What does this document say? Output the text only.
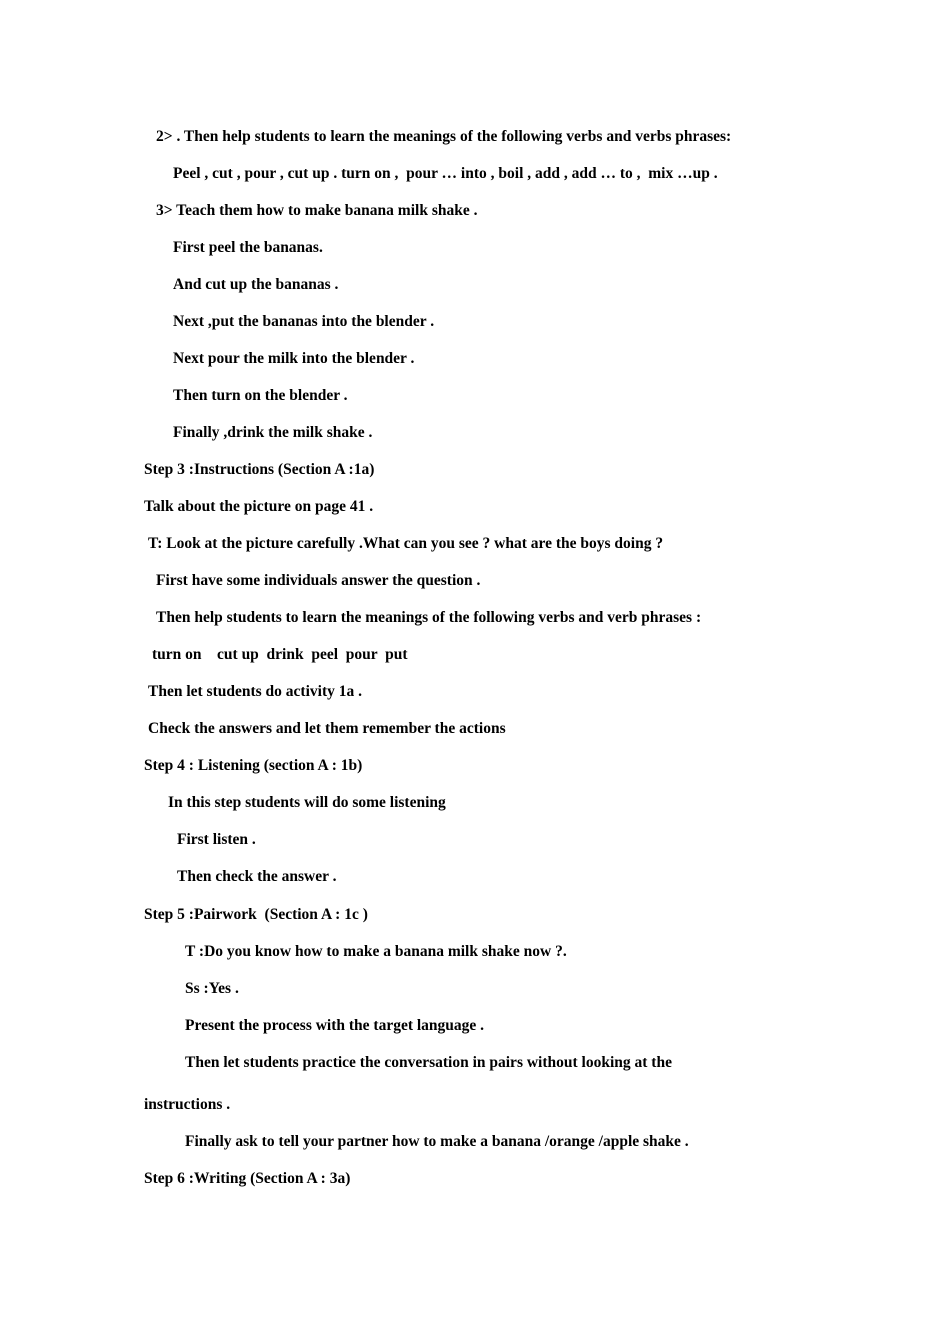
2> . Then help students to learn the meanings of the following verbs and verbs phrases:
Peel , cut , pour , cut up . turn on ,  pour … into , boil , add , add … to ,  mix …up .
3> Teach them how to make banana milk shake .
First peel the bananas.
And cut up the bananas .
Next ,put the bananas into the blender .
Next pour the milk into the blender .
Then turn on the blender .
Finally ,drink the milk shake .
Step 3 :Instructions (Section A :1a)
Talk about the picture on page 41 .
T: Look at the picture carefully .What can you see ? what are the boys doing ?
First have some individuals answer the question .
Then help students to learn the meanings of the following verbs and verb phrases :
turn on    cut up  drink  peel  pour  put
Then let students do activity 1a .
Check the answers and let them remember the actions
Step 4 : Listening (section A : 1b)
In this step students will do some listening
First listen .
Then check the answer .
Step 5 :Pairwork  (Section A : 1c )
T :Do you know how to make a banana milk shake now ?.
Ss :Yes .
Present the process with the target language .
Then let students practice the conversation in pairs without looking at the
instructions .
Finally ask to tell your partner how to make a banana /orange /apple shake .
Step 6 :Writing (Section A : 3a)
